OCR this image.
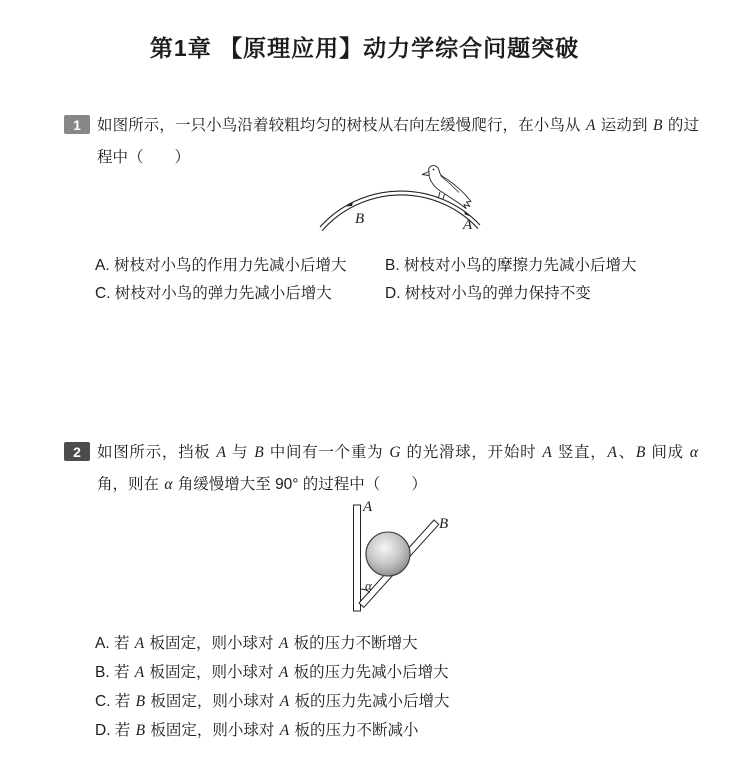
第1章 【原理应用】动力学综合问题突破
1	如图所示，一只小鸟沿着较粗均匀的树枝从右向左缓慢爬行，在小鸟从 A 运动到 B 的过程中（　　）
B	A
A. 树枝对小鸟的作用力先减小后增大	B. 树枝对小鸟的摩擦力先减小后增大
C. 树枝对小鸟的弹力先减小后增大	D. 树枝对小鸟的弹力保持不变
2	如图所示，挡板 A 与 B 中间有一个重为 G 的光滑球，开始时 A 竖直，A、B 间成 α 角，则在 α 角缓慢增大至 90° 的过程中（　　）
α
A
B
A. 若 A 板固定，则小球对 A 板的压力不断增大
B. 若 A 板固定，则小球对 A 板的压力先减小后增大
C. 若 B 板固定，则小球对 A 板的压力先减小后增大
D. 若 B 板固定，则小球对 A 板的压力不断减小
